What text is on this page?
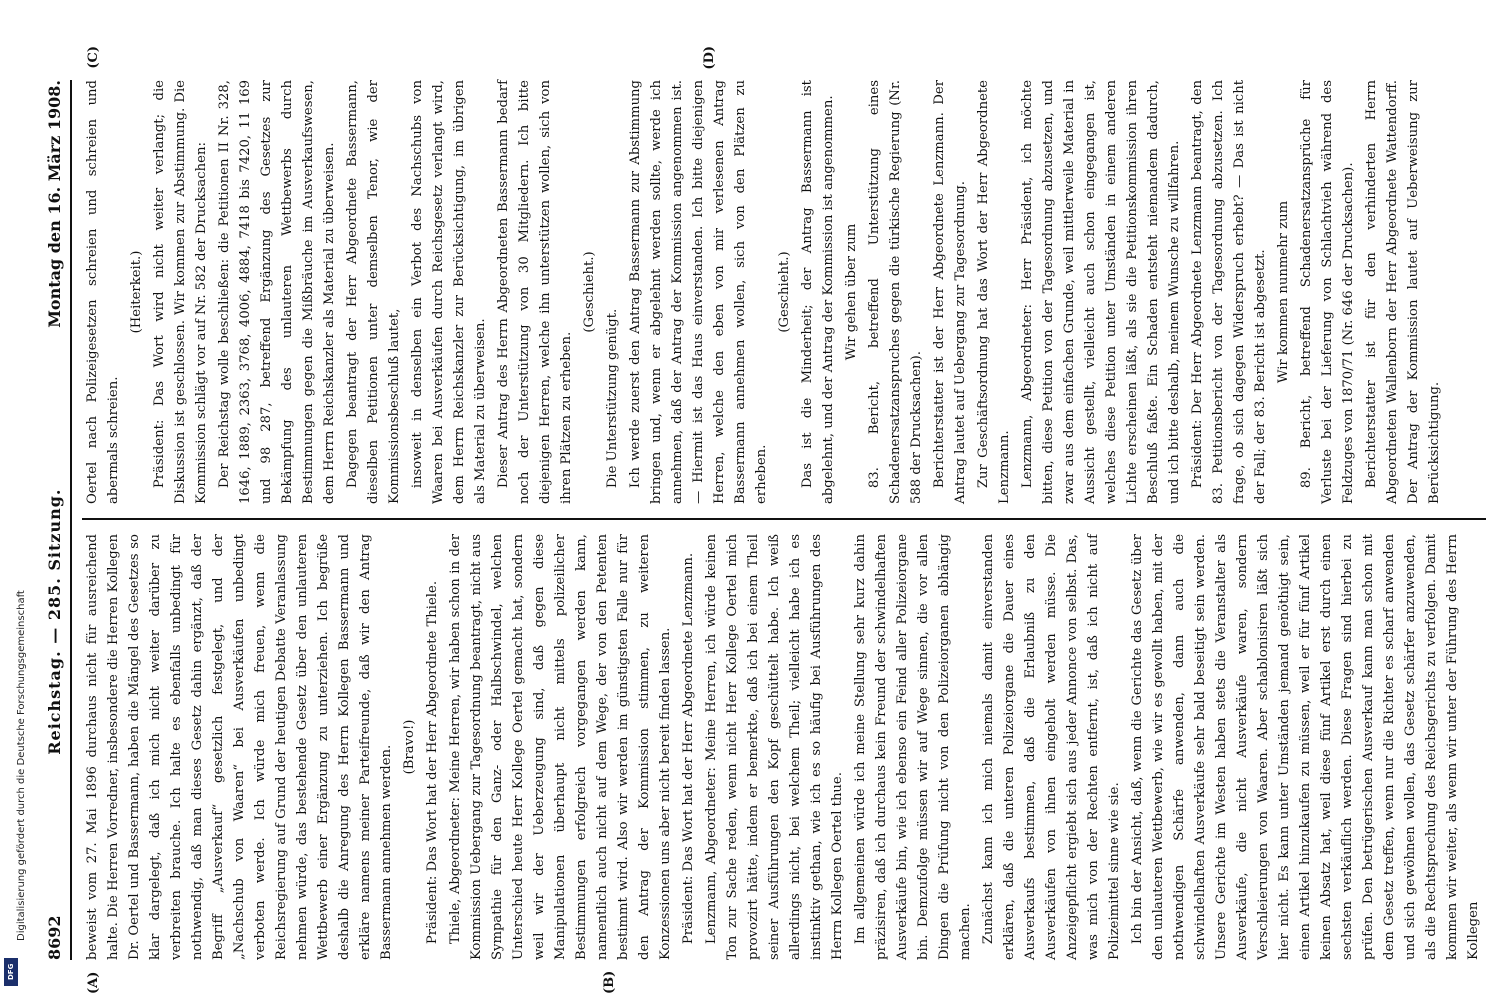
8692
Reichstag. — 285. Sitzung.
Montag den 16. März 1908.
(A)	(B)
(C)	(D)

beweist vom 27. Mai 1896 durchaus nicht für ausreichend halte. Die Herren Vorredner, insbesondere die Herren Kollegen Dr. Oertel und Bassermann, haben die Mängel des Gesetzes so klar dargelegt, daß ich mich nicht weiter darüber zu verbreiten brauche. Ich halte es ebenfalls unbedingt für nothwendig, daß man dieses Gesetz dahin ergänzt, daß der Begriff „Ausverkauf“ gesetzlich festgelegt, und der „Nachschub von Waaren“ bei Ausverkäufen unbedingt verboten werde. Ich würde mich freuen, wenn die Reichsregierung auf Grund der heutigen Debatte Veranlassung nehmen würde, das bestehende Gesetz über den unlauteren Wettbewerb einer Ergänzung zu unterziehen. Ich begrüße deshalb die Anregung des Herrn Kollegen Bassermann und erkläre namens meiner Parteifreunde, daß wir den Antrag Bassermann annehmen werden. (Bravo!) Präsident: Das Wort hat der Herr Abgeordnete Thiele. Thiele, Abgeordneter: Meine Herren, wir haben schon in der Kommission Uebergang zur Tagesordnung beantragt, nicht aus Sympathie für den Ganz- oder Halbschwindel, welchen Unterschied heute Herr Kollege Oertel gemacht hat, sondern weil wir der Ueberzeugung sind, daß gegen diese Manipulationen überhaupt nicht mittels polizeilicher Bestimmungen erfolgreich vorgegangen werden kann, namentlich auch nicht auf dem Wege, der von den Petenten bestimmt wird. Also wir werden im günstigsten Falle nur für den Antrag der Kommission stimmen, zu weiteren Konzessionen uns aber nicht bereit finden lassen. Präsident: Das Wort hat der Herr Abgeordnete Lenzmann. Lenzmann, Abgeordneter: Meine Herren, ich würde keinen Ton zur Sache reden, wenn nicht Herr Kollege Oertel mich provozirt hätte, indem er bemerkte, daß ich bei einem Theil seiner Ausführungen den Kopf geschüttelt habe. Ich weiß allerdings nicht, bei welchem Theil; vielleicht habe ich es instinktiv gethan, wie ich es so häufig bei Ausführungen des Herrn Kollegen Oertel thue. Im allgemeinen würde ich meine Stellung sehr kurz dahin präzisiren, daß ich durchaus kein Freund der schwindelhaften Ausverkäufe bin, wie ich ebenso ein Feind aller Polizeiorgane bin. Demzufolge müssen wir auf Wege sinnen, die vor allen Dingen die Prüfung nicht von den Polizeiorganen abhängig machen. Zunächst kann ich mich niemals damit einverstanden erklären, daß die unteren Polizeiorgane die Dauer eines Ausverkaufs bestimmen, daß die Erlaubniß zu den Ausverkäufen von ihnen eingeholt werden müsse. Die Anzeigepflicht ergiebt sich aus jeder Annonce von selbst. Das, was mich von der Rechten entfernt, ist, daß ich nicht auf Polizeimittel sinne wie sie. Ich bin der Ansicht, daß, wenn die Gerichte das Gesetz über den unlauteren Wettbewerb, wie wir es gewollt haben, mit der nothwendigen Schärfe anwenden, dann auch die schwindelhaften Ausverkäufe sehr bald beseitigt sein werden. Unsere Gerichte im Westen haben stets die Veranstalter als Ausverkäufe, die nicht Ausverkäufe waren, sondern Verschleierungen von Waaren. Aber schablonisiren läßt sich hier nicht. Es kann unter Umständen jemand genöthigt sein, einen Artikel hinzukaufen zu müssen, weil er für fünf Artikel keinen Absatz hat, weil diese fünf Artikel erst durch einen sechsten verkäuflich werden. Diese Fragen sind hierbei zu prüfen. Den betrügerischen Ausverkauf kann man schon mit dem Gesetz treffen, wenn nur die Richter es scharf anwenden und sich gewöhnen wollen, das Gesetz schärfer anzuwenden, als die Rechtsprechung des Reichsgerichts zu verfolgen. Damit kommen wir weiter, als wenn wir unter der Führung des Herrn Kollegen

Oertel nach Polizeigesetzen schreien und schreien und abermals schreien.

(Heiterkeit.) Präsident: Das Wort wird nicht weiter verlangt; die Diskussion ist geschlossen. Wir kommen zur Abstimmung. Die Kommission schlägt vor auf Nr. 582 der Drucksachen: Der Reichstag wolle beschließen: die Petitionen II Nr. 328, 1646, 1889, 2363, 3768, 4006, 4884, 7418 bis 7420, 11 169 und 98 287, betreffend Ergänzung des Gesetzes zur Bekämpfung des unlauteren Wettbewerbs durch Bestimmungen gegen die Mißbräuche im Ausverkaufswesen, dem Herrn Reichskanzler als Material zu überweisen. Dagegen beantragt der Herr Abgeordnete Bassermann, dieselben Petitionen unter demselben Tenor, wie der Kommissionsbeschluß lautet, insoweit in denselben ein Verbot des Nachschubs von Waaren bei Ausverkäufen durch Reichsgesetz verlangt wird, dem Herrn Reichskanzler zur Berücksichtigung, im übrigen als Material zu überweisen. Dieser Antrag des Herrn Abgeordneten Bassermann bedarf noch der Unterstützung von 30 Mitgliedern. Ich bitte diejenigen Herren, welche ihn unterstützen wollen, sich von ihren Plätzen zu erheben.

(Geschieht.)

Die Unterstützung genügt. Ich werde zuerst den Antrag Bassermann zur Abstimmung bringen und, wenn er abgelehnt werden sollte, werde ich annehmen, daß der Antrag der Kommission angenommen ist. — Hiermit ist das Haus einverstanden. Ich bitte diejenigen Herren, welche den eben von mir verlesenen Antrag Bassermann annehmen wollen, sich von den Plätzen zu erheben.

(Geschieht.) Das ist die Minderheit; der Antrag Bassermann ist abgelehnt, und der Antrag der Kommission ist angenommen. Wir gehen über zum 83. Bericht, betreffend Unterstützung eines Schadenersatzanspruches gegen die türkische Regierung (Nr. 588 der Drucksachen). Berichterstatter ist der Herr Abgeordnete Lenzmann. Der Antrag lautet auf Uebergang zur Tagesordnung. Zur Geschäftsordnung hat das Wort der Herr Abgeordnete Lenzmann. Lenzmann, Abgeordneter: Herr Präsident, ich möchte bitten, diese Petition von der Tagesordnung abzusetzen, und zwar aus dem einfachen Grunde, weil mittlerweile Material in Aussicht gestellt, vielleicht auch schon eingegangen ist, welches diese Petition unter Umständen in einem anderen Lichte erscheinen läßt, als sie die Petitionskommission ihren Beschluß faßte. Ein Schaden entsteht niemandem dadurch, und ich bitte deshalb, meinem Wunsche zu willfahren. Präsident: Der Herr Abgeordnete Lenzmann beantragt, den 83. Petitionsbericht von der Tagesordnung abzusetzen. Ich frage, ob sich dagegen Widerspruch erhebt? — Das ist nicht der Fall; der 83. Bericht ist abgesetzt. Wir kommen nunmehr zum 89. Bericht, betreffend Schadenersatzansprüche für Verluste bei der Lieferung von Schlachtvieh während des Feldzuges von 1870/71 (Nr. 646 der Drucksachen). Berichterstatter ist für den verhinderten Herrn Abgeordneten Wallenborn der Herr Abgeordnete Wattendorff. Der Antrag der Kommission lautet auf Ueberweisung zur Berücksichtigung.

Digitalisierung gefördert durch die Deutsche Forschungsgemeinschaft
DFG
